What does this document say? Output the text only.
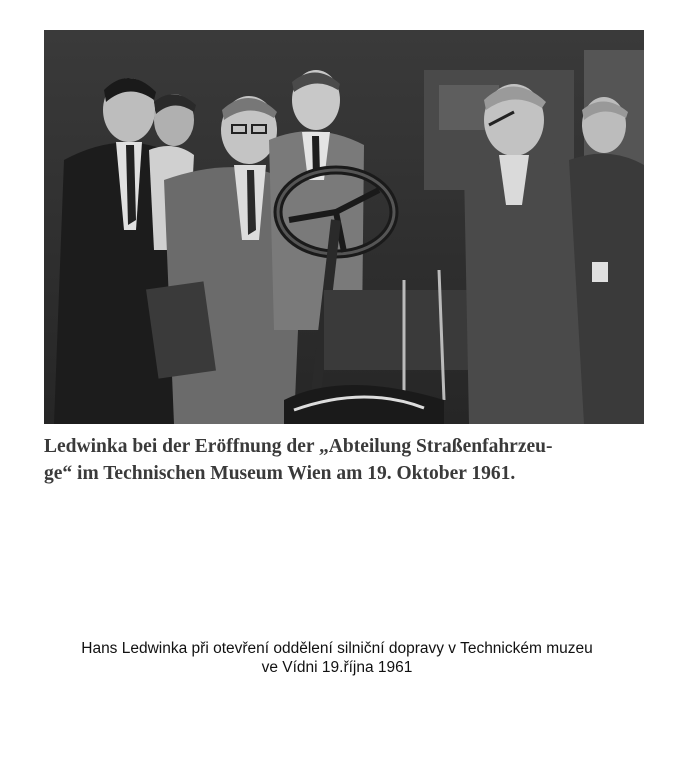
Ledwinka bei der Eröffnung der „Abteilung Straßenfahrzeu-
ge“ im Technischen Museum Wien am 19. Oktober 1961.

Hans Ledwinka při otevření oddělení silniční dopravy v Technickém muzeu
ve Vídni 19.října 1961
